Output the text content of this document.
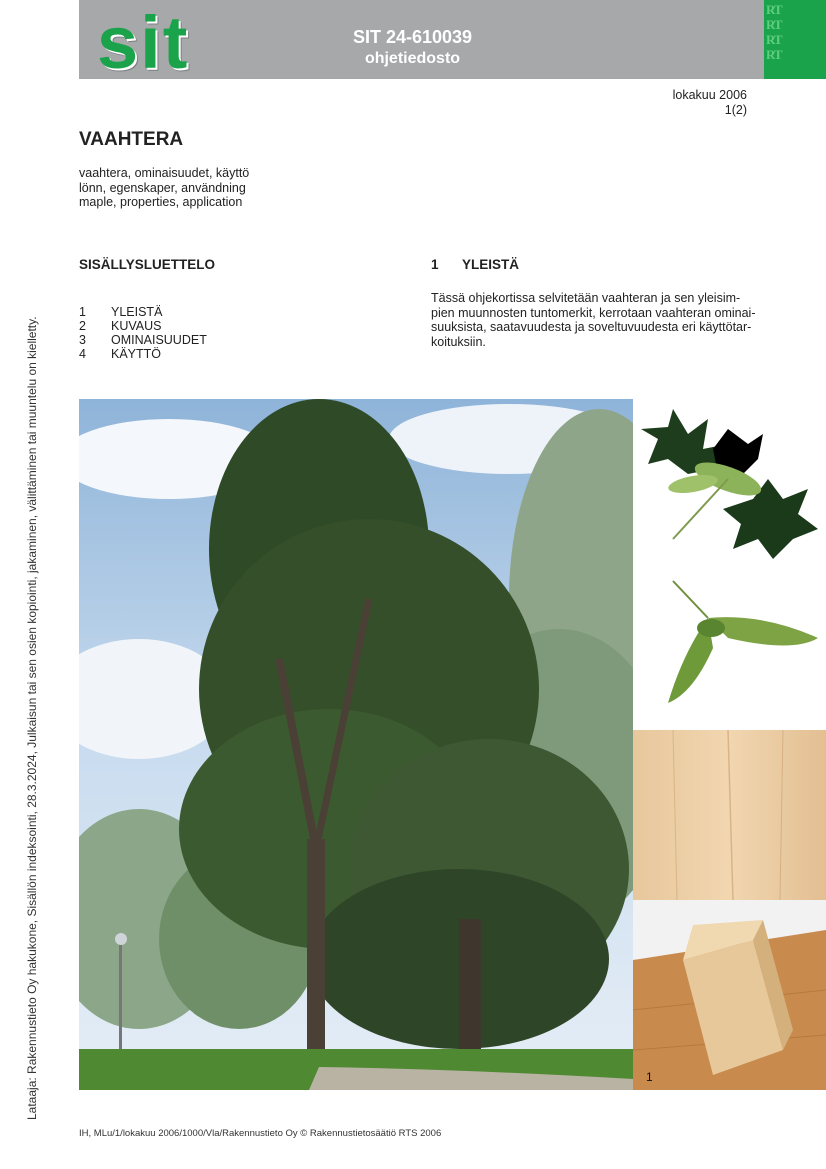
sit	SIT 24-610039
ohjetiedosto
RT
RT
RT
RT
lokakuu 2006
1(2)
VAAHTERA
vaahtera, ominaisuudet, käyttö
lönn, egenskaper, användning
maple, properties, application
SISÄLLYSLUETTELO
1	YLEISTÄ
2	KUVAUS
3	OMINAISUUDET
4	KÄYTTÖ
1 YLEISTÄ
Tässä ohjekortissa selvitetään vaahteran ja sen yleisim-
pien muunnosten tuntomerkit, kerrotaan vaahteran ominai-
suuksista, saatavuudesta ja soveltuvuudesta eri käyttötar-
koituksiin.
1
Lataaja: Rakennustieto Oy hakukone, Sisällön indeksointi, 28.3.2024, Julkaisun tai sen osien kopiointi, jakaminen, välittäminen tai muuntelu on kielletty.
IH, MLu/1/lokakuu 2006/1000/Vla/Rakennustieto Oy © Rakennustietosäätiö RTS 2006
